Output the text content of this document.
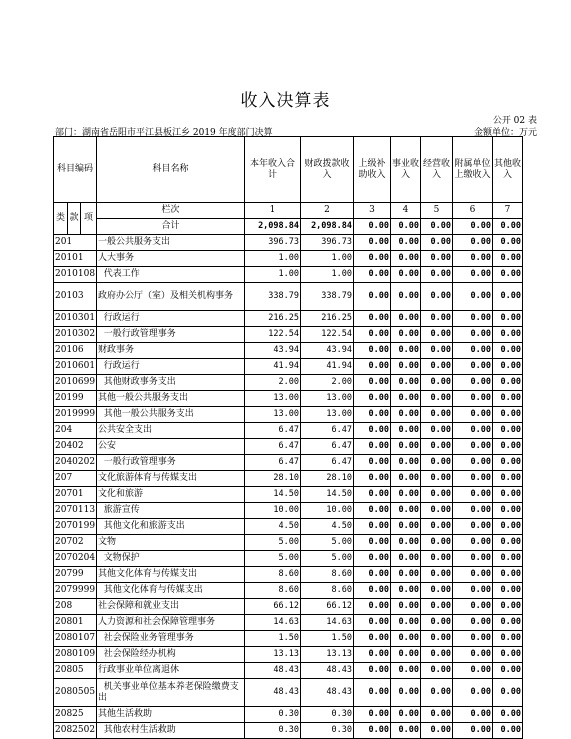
收入决算表
公开 02 表
部门：湖南省岳阳市平江县板江乡 2019 年度部门决算	金额单位：万元
科目编码			科目名称	本年收入合计	财政拨款收入	上级补助收入	事业收入	经营收入	附属单位上缴收入	其他收入
类	款	项	栏次	1	2	3	4	5	6	7
			合计	2,098.84	2,098.84	0.00	0.00	0.00	0.00	0.00
201			一般公共服务支出	396.73	396.73	0.00	0.00	0.00	0.00	0.00
20101			人大事务	1.00	1.00	0.00	0.00	0.00	0.00	0.00
2010108			代表工作	1.00	1.00	0.00	0.00	0.00	0.00	0.00
20103			政府办公厅（室）及相关机构事务	338.79	338.79	0.00	0.00	0.00	0.00	0.00
2010301			行政运行	216.25	216.25	0.00	0.00	0.00	0.00	0.00
2010302			一般行政管理事务	122.54	122.54	0.00	0.00	0.00	0.00	0.00
20106			财政事务	43.94	43.94	0.00	0.00	0.00	0.00	0.00
2010601			行政运行	41.94	41.94	0.00	0.00	0.00	0.00	0.00
2010699			其他财政事务支出	2.00	2.00	0.00	0.00	0.00	0.00	0.00
20199			其他一般公共服务支出	13.00	13.00	0.00	0.00	0.00	0.00	0.00
2019999			其他一般公共服务支出	13.00	13.00	0.00	0.00	0.00	0.00	0.00
204			公共安全支出	6.47	6.47	0.00	0.00	0.00	0.00	0.00
20402			公安	6.47	6.47	0.00	0.00	0.00	0.00	0.00
2040202			一般行政管理事务	6.47	6.47	0.00	0.00	0.00	0.00	0.00
207			文化旅游体育与传媒支出	28.10	28.10	0.00	0.00	0.00	0.00	0.00
20701			文化和旅游	14.50	14.50	0.00	0.00	0.00	0.00	0.00
2070113			旅游宣传	10.00	10.00	0.00	0.00	0.00	0.00	0.00
2070199			其他文化和旅游支出	4.50	4.50	0.00	0.00	0.00	0.00	0.00
20702			文物	5.00	5.00	0.00	0.00	0.00	0.00	0.00
2070204			文物保护	5.00	5.00	0.00	0.00	0.00	0.00	0.00
20799			其他文化体育与传媒支出	8.60	8.60	0.00	0.00	0.00	0.00	0.00
2079999			其他文化体育与传媒支出	8.60	8.60	0.00	0.00	0.00	0.00	0.00
208			社会保障和就业支出	66.12	66.12	0.00	0.00	0.00	0.00	0.00
20801			人力资源和社会保障管理事务	14.63	14.63	0.00	0.00	0.00	0.00	0.00
2080107			社会保险业务管理事务	1.50	1.50	0.00	0.00	0.00	0.00	0.00
2080109			社会保险经办机构	13.13	13.13	0.00	0.00	0.00	0.00	0.00
20805			行政事业单位离退休	48.43	48.43	0.00	0.00	0.00	0.00	0.00
2080505			机关事业单位基本养老保险缴费支出	48.43	48.43	0.00	0.00	0.00	0.00	0.00
20825			其他生活救助	0.30	0.30	0.00	0.00	0.00	0.00	0.00
2082502			其他农村生活救助	0.30	0.30	0.00	0.00	0.00	0.00	0.00
